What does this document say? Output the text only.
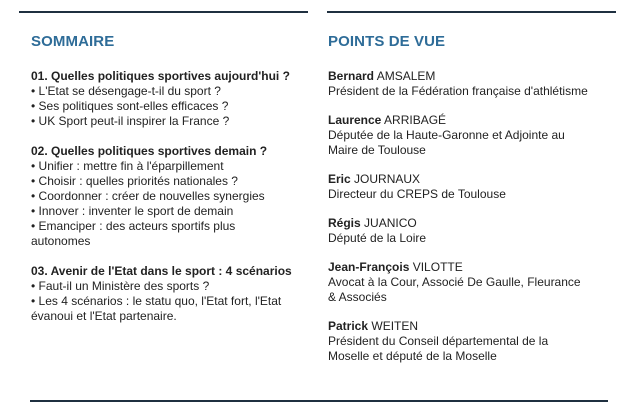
SOMMAIRE
01. Quelles politiques sportives aujourd'hui ?
• L'Etat se désengage-t-il du sport ?
• Ses politiques sont-elles efficaces ?
• UK Sport peut-il inspirer la France ?
02. Quelles politiques sportives demain ?
• Unifier : mettre fin à l'éparpillement
• Choisir : quelles priorités nationales ?
• Coordonner : créer de nouvelles synergies
• Innover : inventer le sport de demain
• Emanciper : des acteurs sportifs plus autonomes
03. Avenir de l'Etat dans le sport : 4 scénarios
• Faut-il un Ministère des sports ?
• Les 4 scénarios : le statu quo, l'Etat fort, l'Etat évanoui et l'Etat partenaire.
POINTS DE VUE
Bernard AMSALEM
Président de la Fédération française d'athlétisme
Laurence ARRIBAGÉ
Députée de la Haute-Garonne et Adjointe au Maire de Toulouse
Eric JOURNAUX
Directeur du CREPS de Toulouse
Régis JUANICO
Député de la Loire
Jean-François VILOTTE
Avocat à la Cour, Associé De Gaulle, Fleurance & Associés
Patrick WEITEN
Président du Conseil départemental de la Moselle et député de la Moselle
